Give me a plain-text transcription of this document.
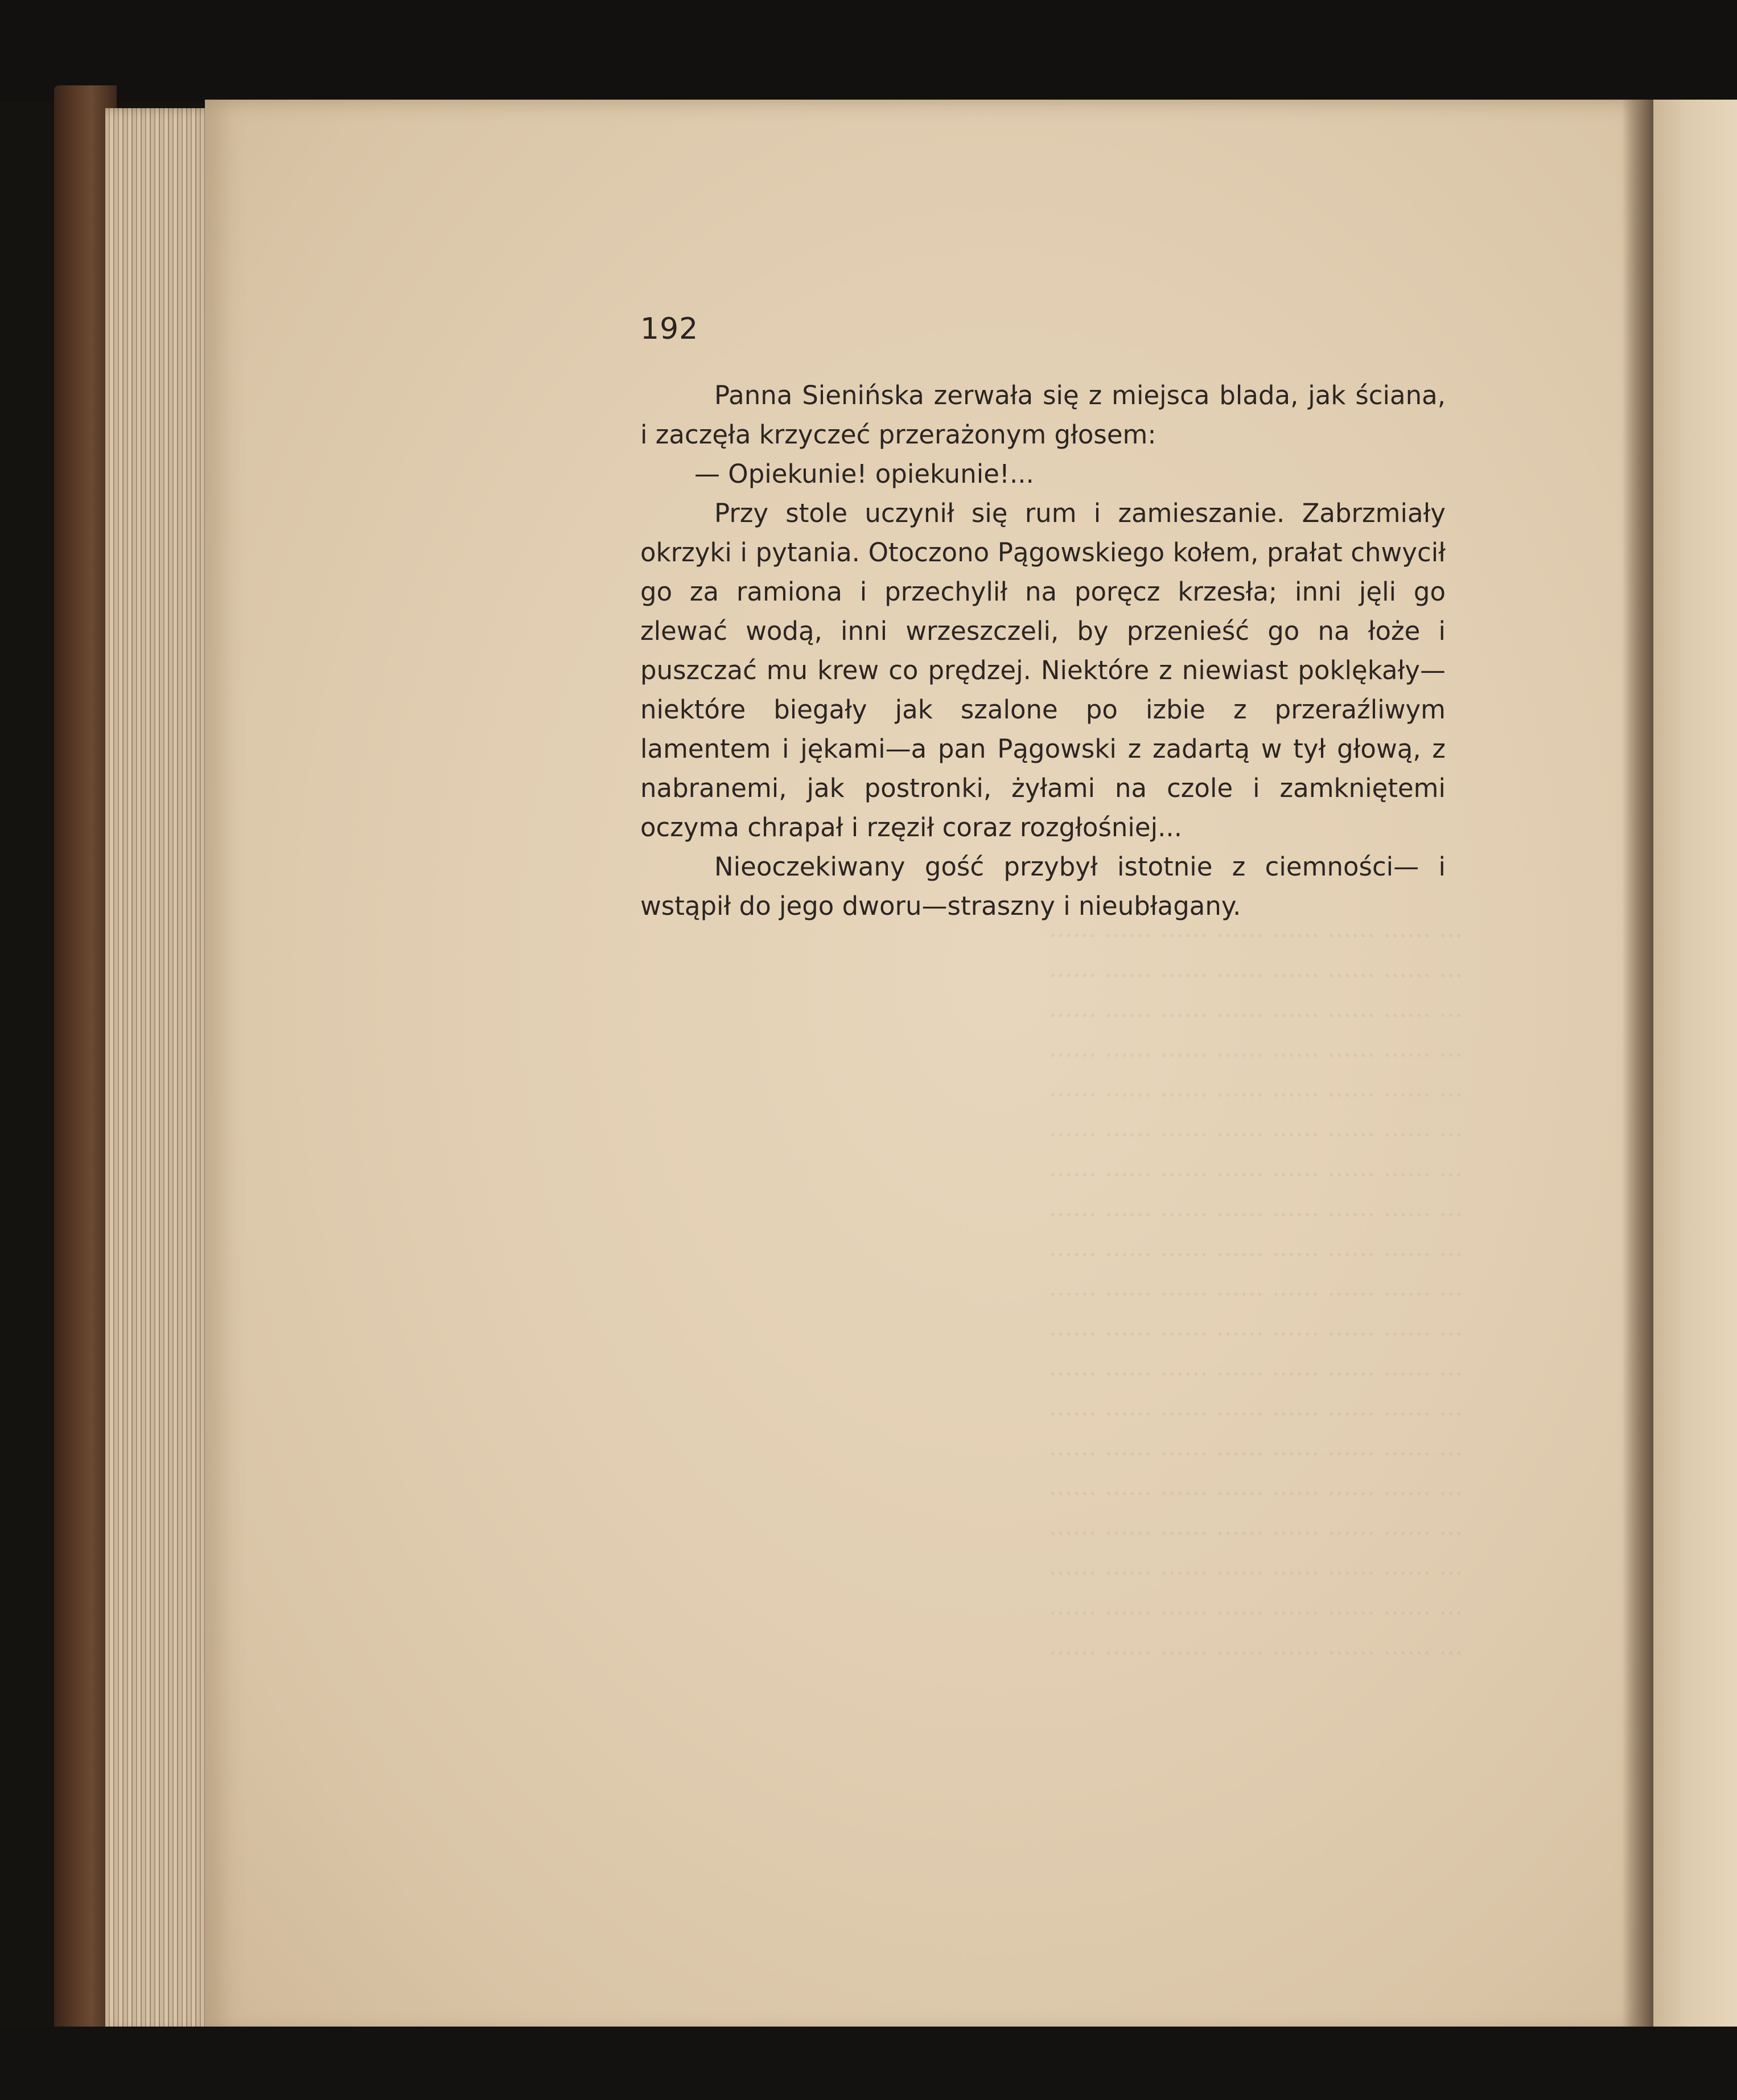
192

Panna Sienińska zerwała się z miejsca blada, jak ściana, i zaczęła krzyczeć przerażonym głosem:

— Opiekunie! opiekunie!...

Przy stole uczynił się rum i zamieszanie. Zabrzmiały okrzyki i pytania. Otoczono Pągowskiego kołem, prałat chwycił go za ramiona i przechylił na poręcz krzesła; inni jęli go zlewać wodą, inni wrzeszczeli, by przenieść go na łoże i puszczać mu krew co prędzej. Niektóre z niewiast poklękały—niektóre biegały jak szalone po izbie z przeraźliwym lamentem i jękami—a pan Pągowski z zadartą w tył głową, z nabranemi, jak postronki, żyłami na czole i zamkniętemi oczyma chrapał i rzęził coraz rozgłośniej...

Nieoczekiwany gość przybył istotnie z ciemności— i wstąpił do jego dworu—straszny i nieubłagany.

··· ······ ······ ······ ······ ······ ······ ······
··· ······ ······ ······ ······ ······ ······ ······
··· ······ ······ ······ ······ ······ ······ ······
··· ······ ······ ······ ······ ······ ······ ······
··· ······ ······ ······ ······ ······ ······ ······
··· ······ ······ ······ ······ ······ ······ ······
··· ······ ······ ······ ······ ······ ······ ······
··· ······ ······ ······ ······ ······ ······ ······
··· ······ ······ ······ ······ ······ ······ ······
··· ······ ······ ······ ······ ······ ······ ······
··· ······ ······ ······ ······ ······ ······ ······
··· ······ ······ ······ ······ ······ ······ ······
··· ······ ······ ······ ······ ······ ······ ······
··· ······ ······ ······ ······ ······ ······ ······
··· ······ ······ ······ ······ ······ ······ ······
··· ······ ······ ······ ······ ······ ······ ······
··· ······ ······ ······ ······ ······ ······ ······
··· ······ ······ ······ ······ ······ ······ ······
··· ······ ······ ······ ······ ······ ······ ······
